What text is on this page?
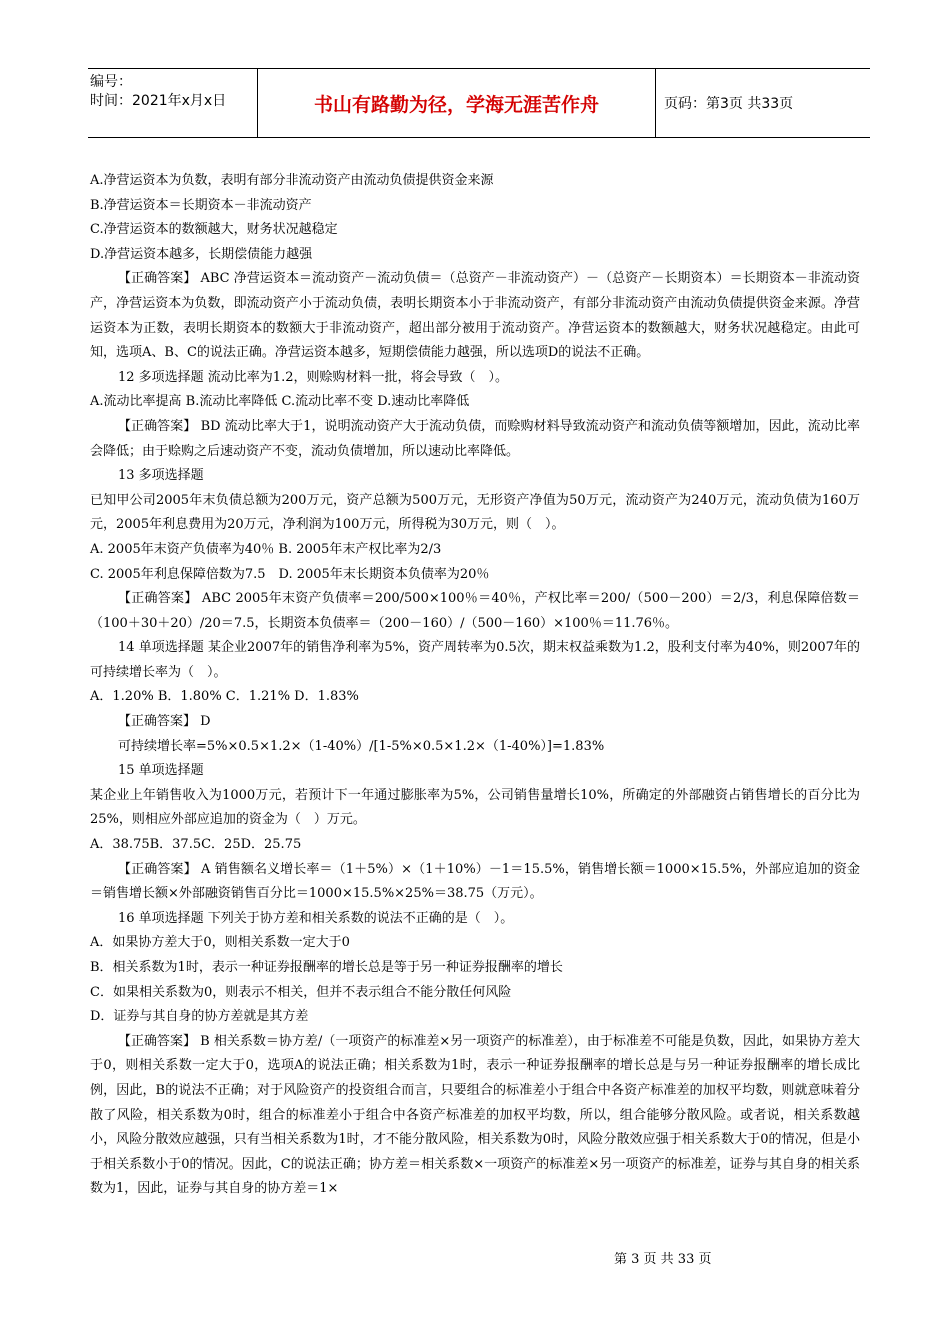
编号：
时间：2021年x月x日	书山有路勤为径，学海无涯苦作舟	页码：第3页 共33页

A.净营运资本为负数，表明有部分非流动资产由流动负债提供资金来源

B.净营运资本＝长期资本－非流动资产

C.净营运资本的数额越大，财务状况越稳定

D.净营运资本越多，长期偿债能力越强

【正确答案】 ABC 净营运资本＝流动资产－流动负债＝（总资产－非流动资产）－（总资产－长期资本）＝长期资本－非流动资产，净营运资本为负数，即流动资产小于流动负债，表明长期资本小于非流动资产，有部分非流动资产由流动负债提供资金来源。净营运资本为正数，表明长期资本的数额大于非流动资产，超出部分被用于流动资产。净营运资本的数额越大，财务状况越稳定。由此可知，选项A、B、C的说法正确。净营运资本越多，短期偿债能力越强，所以选项D的说法不正确。

12 多项选择题 流动比率为1.2，则赊购材料一批，将会导致（　）。

A.流动比率提高 B.流动比率降低 C.流动比率不变 D.速动比率降低

【正确答案】 BD 流动比率大于1，说明流动资产大于流动负债，而赊购材料导致流动资产和流动负债等额增加，因此，流动比率会降低；由于赊购之后速动资产不变，流动负债增加，所以速动比率降低。

13 多项选择题

已知甲公司2005年末负债总额为200万元，资产总额为500万元，无形资产净值为50万元，流动资产为240万元，流动负债为160万元，2005年利息费用为20万元，净利润为100万元，所得税为30万元，则（　）。

A. 2005年末资产负债率为40％ B. 2005年末产权比率为2/3

C. 2005年利息保障倍数为7.5　D. 2005年末长期资本负债率为20％

【正确答案】 ABC 2005年末资产负债率＝200/500×100％＝40％，产权比率＝200/（500－200）＝2/3，利息保障倍数＝（100＋30＋20）/20＝7.5，长期资本负债率＝（200－160）/（500－160）×100％＝11.76％。

14 单项选择题 某企业2007年的销售净利率为5%，资产周转率为0.5次，期末权益乘数为1.2，股利支付率为40%，则2007年的可持续增长率为（　）。

A．1.20% B．1.80% C．1.21% D．1.83%

【正确答案】 D

可持续增长率=5%×0.5×1.2×（1-40%）/[1-5%×0.5×1.2×（1-40%）]=1.83%

15 单项选择题

某企业上年销售收入为1000万元，若预计下一年通过膨胀率为5%，公司销售量增长10%，所确定的外部融资占销售增长的百分比为25%，则相应外部应追加的资金为（　）万元。

A．38.75B．37.5C．25D．25.75

【正确答案】 A 销售额名义增长率＝（1＋5%）×（1＋10%）－1＝15.5%，销售增长额＝1000×15.5%，外部应追加的资金＝销售增长额×外部融资销售百分比＝1000×15.5%×25%＝38.75（万元）。

16 单项选择题 下列关于协方差和相关系数的说法不正确的是（　）。

A．如果协方差大于0，则相关系数一定大于0

B．相关系数为1时，表示一种证券报酬率的增长总是等于另一种证券报酬率的增长

C．如果相关系数为0，则表示不相关，但并不表示组合不能分散任何风险

D．证券与其自身的协方差就是其方差

【正确答案】 B 相关系数＝协方差/（一项资产的标准差×另一项资产的标准差），由于标准差不可能是负数，因此，如果协方差大于0，则相关系数一定大于0，选项A的说法正确；相关系数为1时，表示一种证券报酬率的增长总是与另一种证券报酬率的增长成比例，因此，B的说法不正确；对于风险资产的投资组合而言，只要组合的标准差小于组合中各资产标准差的加权平均数，则就意味着分散了风险，相关系数为0时，组合的标准差小于组合中各资产标准差的加权平均数，所以，组合能够分散风险。或者说，相关系数越小，风险分散效应越强，只有当相关系数为1时，才不能分散风险，相关系数为0时，风险分散效应强于相关系数大于0的情况，但是小于相关系数小于0的情况。因此，C的说法正确；协方差＝相关系数×一项资产的标准差×另一项资产的标准差，证券与其自身的相关系数为1，因此，证券与其自身的协方差＝1×

第 3 页 共 33 页
